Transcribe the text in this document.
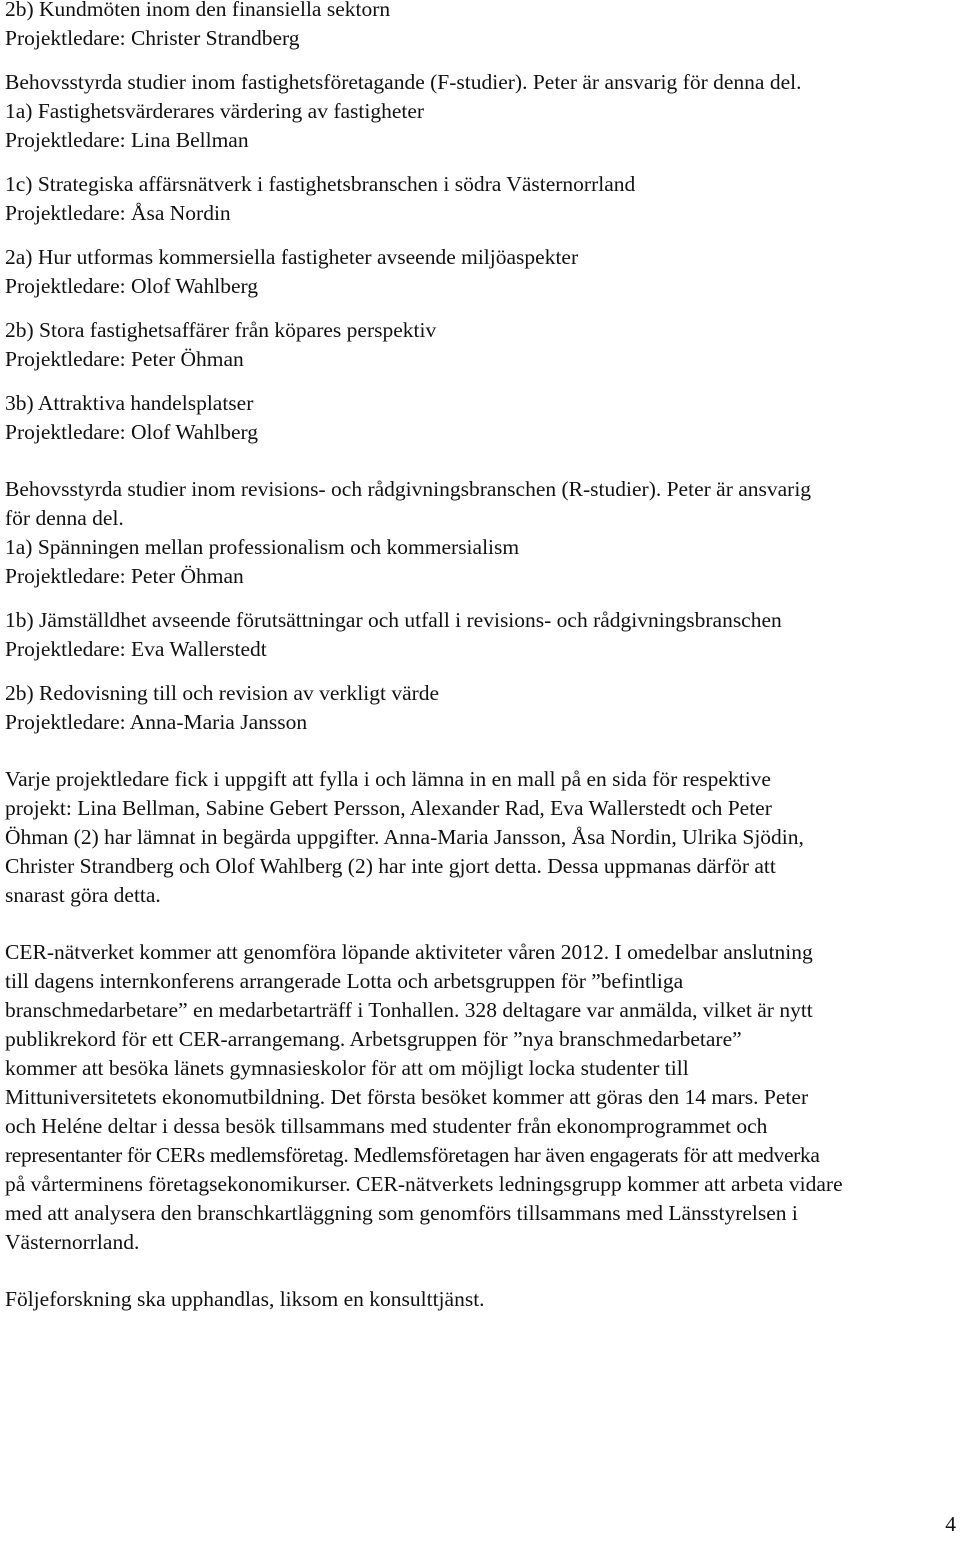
2b) Kundmöten inom den finansiella sektorn
Projektledare: Christer Strandberg
Behovsstyrda studier inom fastighetsföretagande (F-studier). Peter är ansvarig för denna del.
1a) Fastighetsvärderares värdering av fastigheter
Projektledare: Lina Bellman
1c) Strategiska affärsnätverk i fastighetsbranschen i södra Västernorrland
Projektledare: Åsa Nordin
2a) Hur utformas kommersiella fastigheter avseende miljöaspekter
Projektledare: Olof Wahlberg
2b) Stora fastighetsaffärer från köpares perspektiv
Projektledare: Peter Öhman
3b) Attraktiva handelsplatser
Projektledare: Olof Wahlberg
Behovsstyrda studier inom revisions- och rådgivningsbranschen (R-studier). Peter är ansvarig
för denna del.
1a) Spänningen mellan professionalism och kommersialism
Projektledare: Peter Öhman
1b) Jämställdhet avseende förutsättningar och utfall i revisions- och rådgivningsbranschen
Projektledare: Eva Wallerstedt
2b) Redovisning till och revision av verkligt värde
Projektledare: Anna-Maria Jansson
Varje projektledare fick i uppgift att fylla i och lämna in en mall på en sida för respektive
projekt: Lina Bellman, Sabine Gebert Persson, Alexander Rad, Eva Wallerstedt och Peter
Öhman (2) har lämnat in begärda uppgifter. Anna-Maria Jansson, Åsa Nordin, Ulrika Sjödin,
Christer Strandberg och Olof Wahlberg (2) har inte gjort detta. Dessa uppmanas därför att
snarast göra detta.
CER-nätverket kommer att genomföra löpande aktiviteter våren 2012. I omedelbar anslutning
till dagens internkonferens arrangerade Lotta och arbetsgruppen för ”befintliga
branschmedarbetare” en medarbetarträff i Tonhallen. 328 deltagare var anmälda, vilket är nytt
publikrekord för ett CER-arrangemang. Arbetsgruppen för ”nya branschmedarbetare”
kommer att besöka länets gymnasieskolor för att om möjligt locka studenter till
Mittuniversitetets ekonomutbildning. Det första besöket kommer att göras den 14 mars. Peter
och Heléne deltar i dessa besök tillsammans med studenter från ekonomprogrammet och
representanter för CERs medlemsföretag. Medlemsföretagen har även engagerats för att medverka
på vårterminens företagsekonomikurser. CER-nätverkets ledningsgrupp kommer att arbeta vidare
med att analysera den branschkartläggning som genomförs tillsammans med Länsstyrelsen i
Västernorrland.
Följeforskning ska upphandlas, liksom en konsulttjänst.
4
